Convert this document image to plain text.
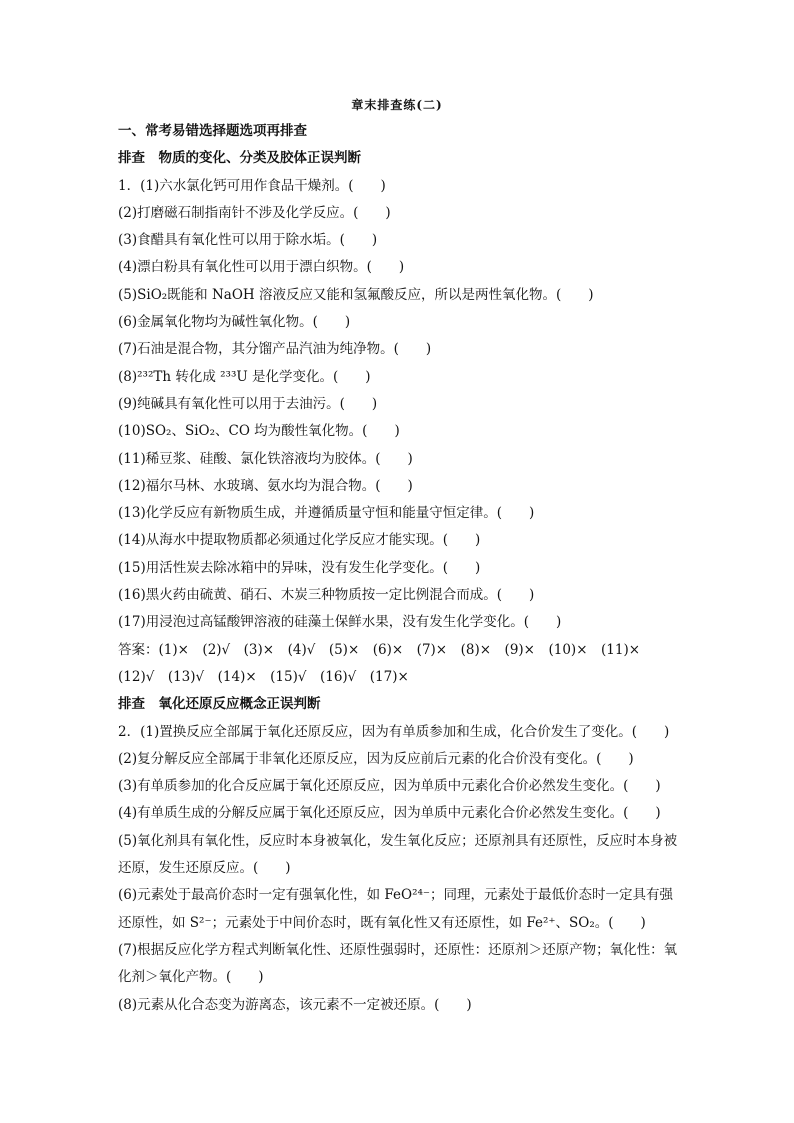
章末排查练(二)
一、常考易错选择题选项再排查
排查　物质的变化、分类及胶体正误判断
1．(1)六水氯化钙可用作食品干燥剂。(　　)
(2)打磨磁石制指南针不涉及化学反应。(　　)
(3)食醋具有氧化性可以用于除水垢。(　　)
(4)漂白粉具有氧化性可以用于漂白织物。(　　)
(5)SiO₂既能和 NaOH 溶液反应又能和氢氟酸反应，所以是两性氧化物。(　　)
(6)金属氧化物均为碱性氧化物。(　　)
(7)石油是混合物，其分馏产品汽油为纯净物。(　　)
(8)²³²Th 转化成 ²³³U 是化学变化。(　　)
(9)纯碱具有氧化性可以用于去油污。(　　)
(10)SO₂、SiO₂、CO 均为酸性氧化物。(　　)
(11)稀豆浆、硅酸、氯化铁溶液均为胶体。(　　)
(12)福尔马林、水玻璃、氨水均为混合物。(　　)
(13)化学反应有新物质生成，并遵循质量守恒和能量守恒定律。(　　)
(14)从海水中提取物质都必须通过化学反应才能实现。(　　)
(15)用活性炭去除冰箱中的异味，没有发生化学变化。(　　)
(16)黑火药由硫黄、硝石、木炭三种物质按一定比例混合而成。(　　)
(17)用浸泡过高锰酸钾溶液的硅藻土保鲜水果，没有发生化学变化。(　　)
答案：(1)×　(2)√　(3)×　(4)√　(5)×　(6)×　(7)×　(8)×　(9)×　(10)×　(11)×
(12)√　(13)√　(14)×　(15)√　(16)√　(17)×
排查　氧化还原反应概念正误判断
2．(1)置换反应全部属于氧化还原反应，因为有单质参加和生成，化合价发生了变化。(　　)
(2)复分解反应全部属于非氧化还原反应，因为反应前后元素的化合价没有变化。(　　)
(3)有单质参加的化合反应属于氧化还原反应，因为单质中元素化合价必然发生变化。(　　)
(4)有单质生成的分解反应属于氧化还原反应，因为单质中元素化合价必然发生变化。(　　)
(5)氧化剂具有氧化性，反应时本身被氧化，发生氧化反应；还原剂具有还原性，反应时本身被还原，发生还原反应。(　　)
(6)元素处于最高价态时一定有强氧化性，如 FeO²⁴⁻；同理，元素处于最低价态时一定具有强还原性，如 S²⁻；元素处于中间价态时，既有氧化性又有还原性，如 Fe²⁺、SO₂。(　　)
(7)根据反应化学方程式判断氧化性、还原性强弱时，还原性：还原剂＞还原产物；氧化性：氧化剂＞氧化产物。(　　)
(8)元素从化合态变为游离态，该元素不一定被还原。(　　)
